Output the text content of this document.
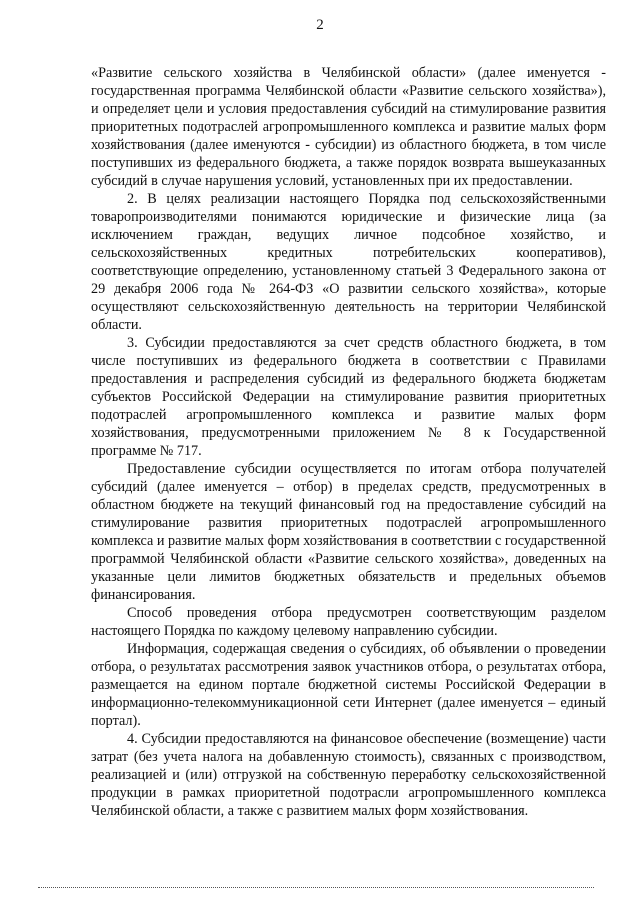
2

«Развитие сельского хозяйства в Челябинской области» (далее именуется - государственная программа Челябинской области «Развитие сельского хозяйства»), и определяет цели и условия предоставления субсидий на стимулирование развития приоритетных подотраслей агропромышленного комплекса и развитие малых форм хозяйствования (далее именуются - субсидии) из областного бюджета, в том числе поступивших из федерального бюджета, а также порядок возврата вышеуказанных субсидий в случае нарушения условий, установленных при их предоставлении.

2. В целях реализации настоящего Порядка под сельскохозяйственными товаропроизводителями понимаются юридические и физические лица (за исключением граждан, ведущих личное подсобное хозяйство, и сельскохозяйственных кредитных потребительских кооперативов), соответствующие определению, установленному статьей 3 Федерального закона от 29 декабря 2006 года № 264-ФЗ «О развитии сельского хозяйства», которые осуществляют сельскохозяйственную деятельность на территории Челябинской области.

3. Субсидии предоставляются за счет средств областного бюджета, в том числе поступивших из федерального бюджета в соответствии с Правилами предоставления и распределения субсидий из федерального бюджета бюджетам субъектов Российской Федерации на стимулирование развития приоритетных подотраслей агропромышленного комплекса и развитие малых форм хозяйствования, предусмотренными приложением № 8 к Государственной программе № 717.

Предоставление субсидии осуществляется по итогам отбора получателей субсидий (далее именуется – отбор) в пределах средств, предусмотренных в областном бюджете на текущий финансовый год на предоставление субсидий на стимулирование развития приоритетных подотраслей агропромышленного комплекса и развитие малых форм хозяйствования в соответствии с государственной программой Челябинской области «Развитие сельского хозяйства», доведенных на указанные цели лимитов бюджетных обязательств и предельных объемов финансирования.

Способ проведения отбора предусмотрен соответствующим разделом настоящего Порядка по каждому целевому направлению субсидии.

Информация, содержащая сведения о субсидиях, об объявлении о проведении отбора, о результатах рассмотрения заявок участников отбора, о результатах отбора, размещается на едином портале бюджетной системы Российской Федерации в информационно-телекоммуникационной сети Интернет (далее именуется – единый портал).

4. Субсидии предоставляются на финансовое обеспечение (возмещение) части затрат (без учета налога на добавленную стоимость), связанных с производством, реализацией и (или) отгрузкой на собственную переработку сельскохозяйственной продукции в рамках приоритетной подотрасли агропромышленного комплекса Челябинской области, а также с развитием малых форм хозяйствования.
